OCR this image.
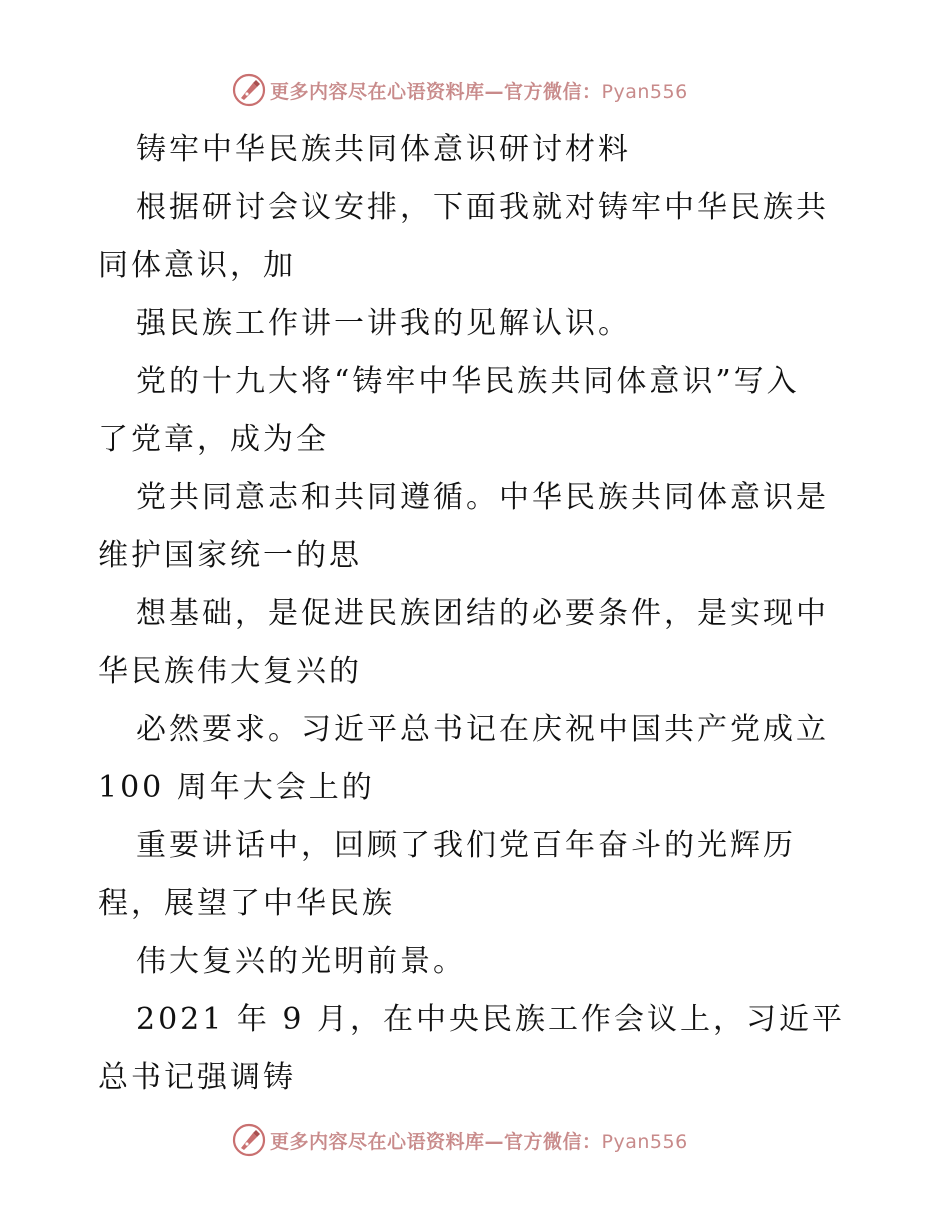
更多内容尽在心语资料库—官方微信：Pyan556
铸牢中华民族共同体意识研讨材料
根据研讨会议安排，下面我就对铸牢中华民族共
同体意识，加
强民族工作讲一讲我的见解认识。
党的十九大将“铸牢中华民族共同体意识”写入
了党章，成为全
党共同意志和共同遵循。中华民族共同体意识是
维护国家统一的思
想基础，是促进民族团结的必要条件，是实现中
华民族伟大复兴的
必然要求。习近平总书记在庆祝中国共产党成立
100 周年大会上的
重要讲话中，回顾了我们党百年奋斗的光辉历
程，展望了中华民族
伟大复兴的光明前景。
2021 年 9 月，在中央民族工作会议上，习近平
总书记强调铸
更多内容尽在心语资料库—官方微信：Pyan556
